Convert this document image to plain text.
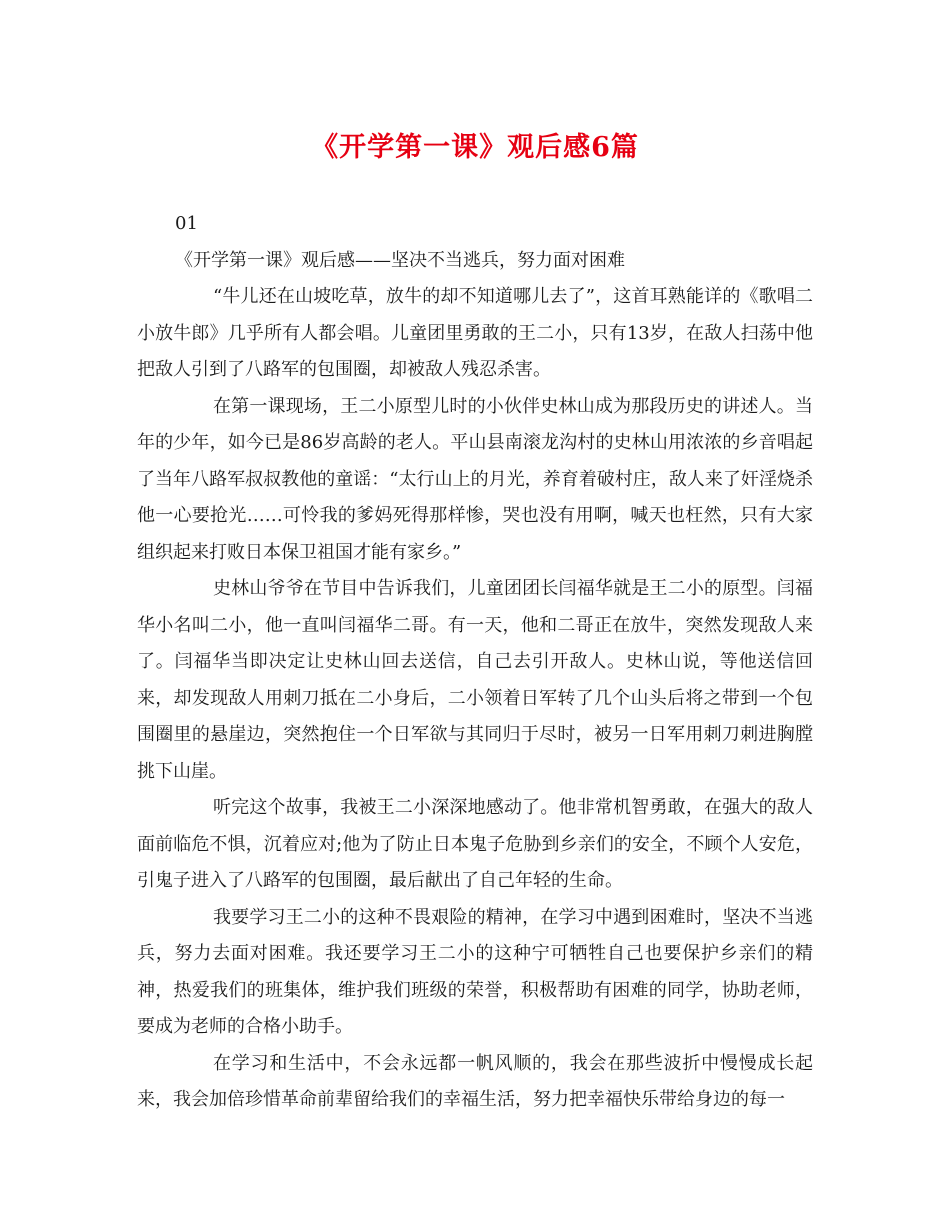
《开学第一课》观后感6篇

01

《开学第一课》观后感——坚决不当逃兵，努力面对困难

“牛儿还在山坡吃草，放牛的却不知道哪儿去了”，这首耳熟能详的《歌唱二小放牛郎》几乎所有人都会唱。儿童团里勇敢的王二小，只有13岁，在敌人扫荡中他把敌人引到了八路军的包围圈，却被敌人残忍杀害。

在第一课现场，王二小原型儿时的小伙伴史林山成为那段历史的讲述人。当年的少年，如今已是86岁高龄的老人。平山县南滚龙沟村的史林山用浓浓的乡音唱起了当年八路军叔叔教他的童谣：“太行山上的月光，养育着破村庄，敌人来了奸淫烧杀他一心要抢光……可怜我的爹妈死得那样惨，哭也没有用啊，喊天也枉然，只有大家组织起来打败日本保卫祖国才能有家乡。”

史林山爷爷在节目中告诉我们，儿童团团长闫福华就是王二小的原型。闫福华小名叫二小，他一直叫闫福华二哥。有一天，他和二哥正在放牛，突然发现敌人来了。闫福华当即决定让史林山回去送信，自己去引开敌人。史林山说，等他送信回来，却发现敌人用刺刀抵在二小身后，二小领着日军转了几个山头后将之带到一个包围圈里的悬崖边，突然抱住一个日军欲与其同归于尽时，被另一日军用刺刀刺进胸膛挑下山崖。

听完这个故事，我被王二小深深地感动了。他非常机智勇敢，在强大的敌人面前临危不惧，沉着应对;他为了防止日本鬼子危胁到乡亲们的安全，不顾个人安危，引鬼子进入了八路军的包围圈，最后献出了自己年轻的生命。

我要学习王二小的这种不畏艰险的精神，在学习中遇到困难时，坚决不当逃兵，努力去面对困难。我还要学习王二小的这种宁可牺牲自己也要保护乡亲们的精神，热爱我们的班集体，维护我们班级的荣誉，积极帮助有困难的同学，协助老师，要成为老师的合格小助手。

在学习和生活中，不会永远都一帆风顺的，我会在那些波折中慢慢成长起来，我会加倍珍惜革命前辈留给我们的幸福生活，努力把幸福快乐带给身边的每一
